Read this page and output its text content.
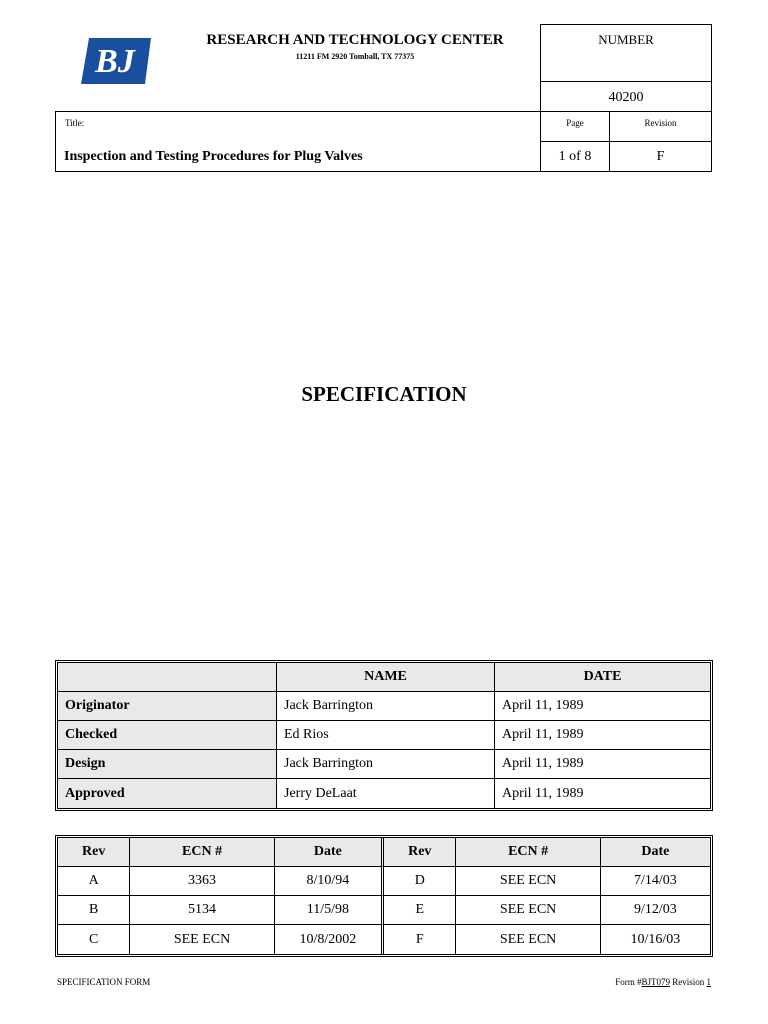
BJ
RESEARCH AND TECHNOLOGY CENTER
11211 FM 2920 Tomball, TX 77375
NUMBER
40200
Title:
Inspection and Testing Procedures for Plug Valves
Page	Revision
1 of 8	F
SPECIFICATION
	NAME	DATE
Originator	Jack Barrington	April 11, 1989
Checked	Ed Rios	April 11, 1989
Design	Jack Barrington	April 11, 1989
Approved	Jerry DeLaat	April 11, 1989
Rev	ECN #	Date	Rev	ECN #	Date
A	3363	8/10/94	D	SEE ECN	7/14/03
B	5134	11/5/98	E	SEE ECN	9/12/03
C	SEE ECN	10/8/2002	F	SEE ECN	10/16/03
SPECIFICATION FORM	Form #BJT079 Revision 1
